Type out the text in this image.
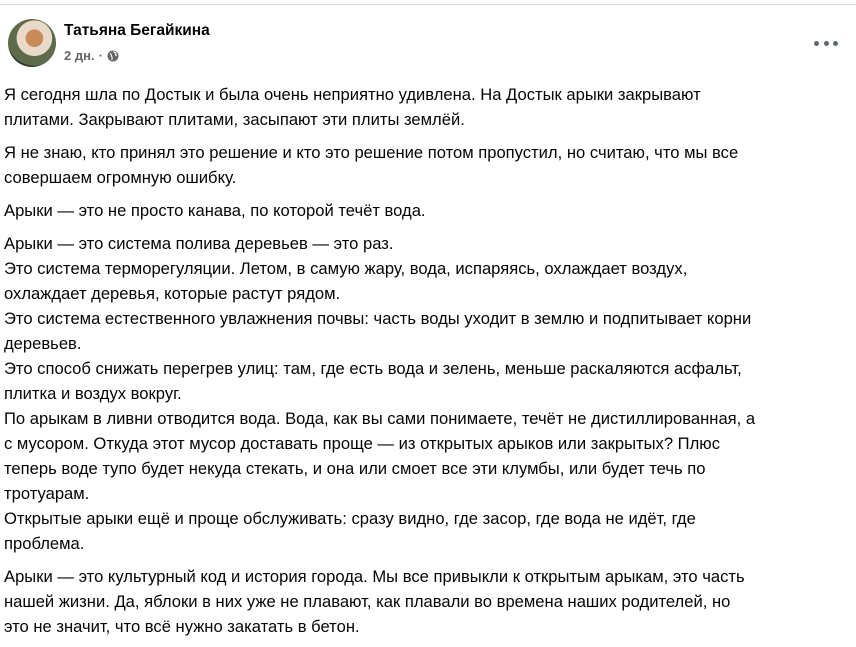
Татьяна Бегайкина
2 дн. ·
Я сегодня шла по Достык и была очень неприятно удивлена. На Достык арыки закрывают
плитами. Закрывают плитами, засыпают эти плиты землёй.
Я не знаю, кто принял это решение и кто это решение потом пропустил, но считаю, что мы все
совершаем огромную ошибку.
Арыки — это не просто канава, по которой течёт вода.
Арыки — это система полива деревьев — это раз.
Это система терморегуляции. Летом, в самую жару, вода, испаряясь, охлаждает воздух,
охлаждает деревья, которые растут рядом.
Это система естественного увлажнения почвы: часть воды уходит в землю и подпитывает корни
деревьев.
Это способ снижать перегрев улиц: там, где есть вода и зелень, меньше раскаляются асфальт,
плитка и воздух вокруг.
По арыкам в ливни отводится вода. Вода, как вы сами понимаете, течёт не дистиллированная, а
с мусором. Откуда этот мусор доставать проще — из открытых арыков или закрытых? Плюс
теперь воде тупо будет некуда стекать, и она или смоет все эти клумбы, или будет течь по
тротуарам.
Открытые арыки ещё и проще обслуживать: сразу видно, где засор, где вода не идёт, где
проблема.
Арыки — это культурный код и история города. Мы все привыкли к открытым арыкам, это часть
нашей жизни. Да, яблоки в них уже не плавают, как плавали во времена наших родителей, но
это не значит, что всё нужно закатать в бетон.
